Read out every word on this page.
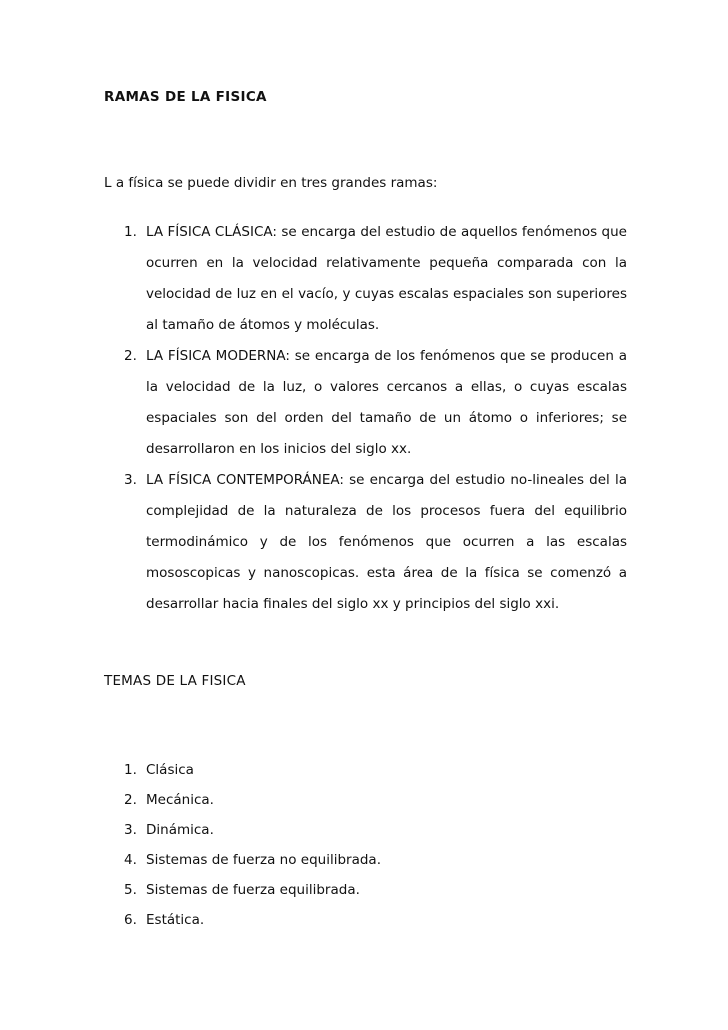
RAMAS DE LA FISICA

L a física se puede dividir en tres grandes ramas:

1. LA FÍSICA CLÁSICA: se encarga del estudio de aquellos fenómenos que ocurren en la velocidad relativamente pequeña comparada con la velocidad de luz en el vacío, y cuyas escalas espaciales son superiores al tamaño de átomos y moléculas.
2. LA FÍSICA MODERNA: se encarga de los fenómenos que se producen a la velocidad de la luz, o valores cercanos a ellas, o cuyas escalas espaciales son del orden del tamaño de un átomo o inferiores; se desarrollaron en los inicios del siglo xx.
3. LA FÍSICA CONTEMPORÁNEA: se encarga del estudio no-lineales del la complejidad de la naturaleza de los procesos fuera del equilibrio termodinámico y de los fenómenos que ocurren a las escalas mososcopicas y nanoscopicas. esta área de la física se comenzó a desarrollar hacia finales del siglo xx y principios del siglo xxi.
TEMAS DE LA FISICA
1. Clásica
2. Mecánica.
3. Dinámica.
4. Sistemas de fuerza no equilibrada.
5. Sistemas de fuerza equilibrada.
6. Estática.
